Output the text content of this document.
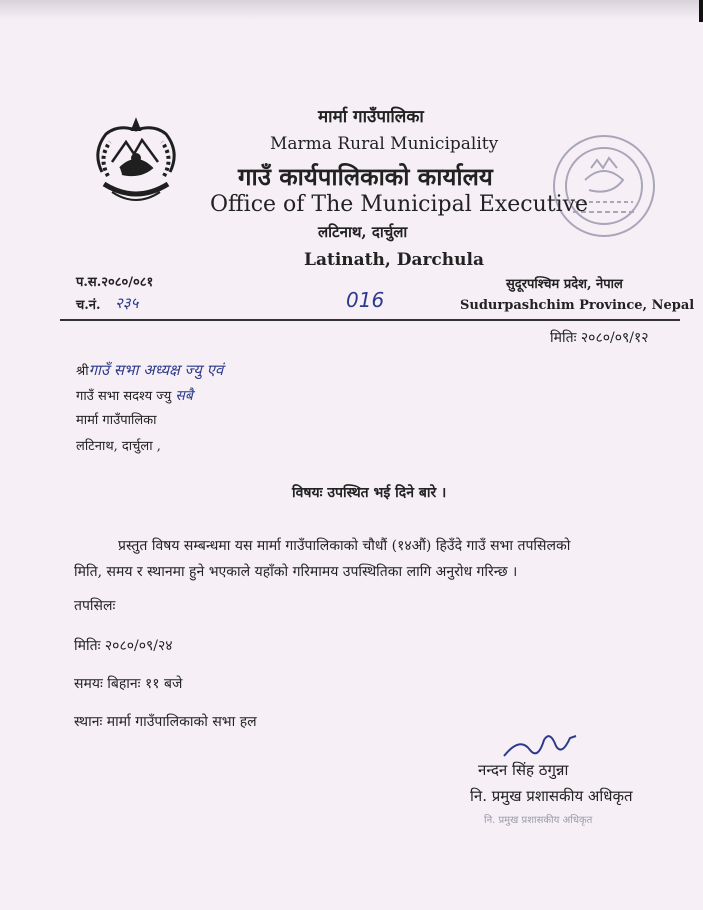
मार्मा गाउँपालिका
Marma Rural Municipality
गाउँ कार्यपालिकाको कार्यालय
Office of The Municipal Executive
लटिनाथ, दार्चुला
Latinath, Darchula
सुदूरपश्चिम प्रदेश, नेपाल
Sudurpashchim Province, Nepal
प.स.२०८०/०८१
च.नं. २३५	016
मितिः २०८०/०९/१२
श्रीगाउँ सभा अध्यक्ष ज्यु एवं
गाउँ सभा सदश्य ज्यु सबै
मार्मा गाउँपालिका
लटिनाथ, दार्चुला ,
विषयः उपस्थित भई दिने बारे ।
प्रस्तुत विषय सम्बन्धमा यस मार्मा गाउँपालिकाको चौधौं (१४औं) हिउँदे गाउँ सभा तपसिलको
मिति, समय र स्थानमा हुने भएकाले यहाँको गरिमामय उपस्थितिका लागि अनुरोध गरिन्छ ।
तपसिलः
मितिः २०८०/०९/२४
समयः बिहानः ११ बजे
स्थानः मार्मा गाउँपालिकाको सभा हल
नन्दन सिंह ठगुन्ना
नि. प्रमुख प्रशासकीय अधिकृत
नि. प्रमुख प्रशासकीय अधिकृत
